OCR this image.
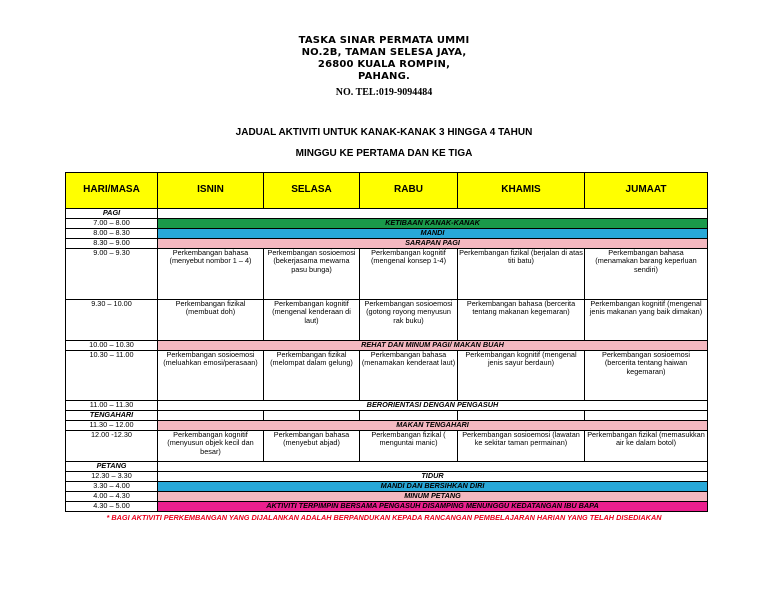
TASKA SINAR PERMATA UMMI
NO.2B, TAMAN SELESA JAYA,
26800 KUALA ROMPIN,
PAHANG.
NO. TEL:019-9094484
JADUAL AKTIVITI UNTUK KANAK-KANAK 3 HINGGA 4 TAHUN
MINGGU KE PERTAMA DAN KE TIGA
HARI/MASA	ISNIN	SELASA	RABU	KHAMIS	JUMAAT
PAGI					
7.00 – 8.00	KETIBAAN KANAK-KANAK				
8.00 – 8.30	MANDI				
8.30 – 9.00	SARAPAN PAGI				
9.00 – 9.30	Perkembangan bahasa (menyebut nombor 1 – 4)	Perkembangan sosioemosi (bekerjasama mewarna pasu bunga)	Perkembangan kognitif (mengenal konsep 1-4)	Perkembangan fizikal (berjalan di atas titi batu)	Perkembangan bahasa (menamakan barang keperluan sendiri)
9.30 – 10.00	Perkembangan fizikal (membuat doh)	Perkembangan kognitif (mengenal kenderaan di laut)	Perkembangan sosioemosi (gotong royong menyusun rak buku)	Perkembangan bahasa (bercerita tentang makanan kegemaran)	Perkembangan kognitif (mengenal jenis makanan yang baik dimakan)
10.00 – 10.30	REHAT DAN MINUM PAGI/ MAKAN BUAH				
10.30 – 11.00	Perkembangan sosioemosi (meluahkan emosi/perasaan)	Perkembangan fizikal (melompat dalam gelung)	Perkembangan bahasa (menamakan kenderaat laut)	Perkembangan kognitif (mengenal jenis sayur berdaun)	Perkembangan sosioemosi (bercerita tentang haiwan kegemaran)
11.00 – 11.30	BERORIENTASI DENGAN PENGASUH				
TENGAHARI					
11.30 – 12.00	MAKAN TENGAHARI				
12.00 -12.30	Perkembangan kognitif (menyusun objek kecil dan besar)	Perkembangan bahasa (menyebut abjad)	Perkembangan fizikal ( menguntai manic)	Perkembangan sosioemosi (lawatan ke sekitar taman permainan)	Perkembangan fizikal (memasukkan air ke dalam botol)
PETANG					
12.30 – 3.30	TIDUR				
3.30 – 4.00	MANDI DAN BERSIHKAN DIRI				
4.00 – 4.30	MINUM PETANG				
4.30 – 5.00	AKTIVITI TERPIMPIN BERSAMA PENGASUH DISAMPING MENUNGGU KEDATANGAN IBU BAPA				
* BAGI AKTIVITI PERKEMBANGAN YANG DIJALANKAN ADALAH BERPANDUKAN KEPADA RANCANGAN PEMBELAJARAN HARIAN YANG TELAH DISEDIAKAN
